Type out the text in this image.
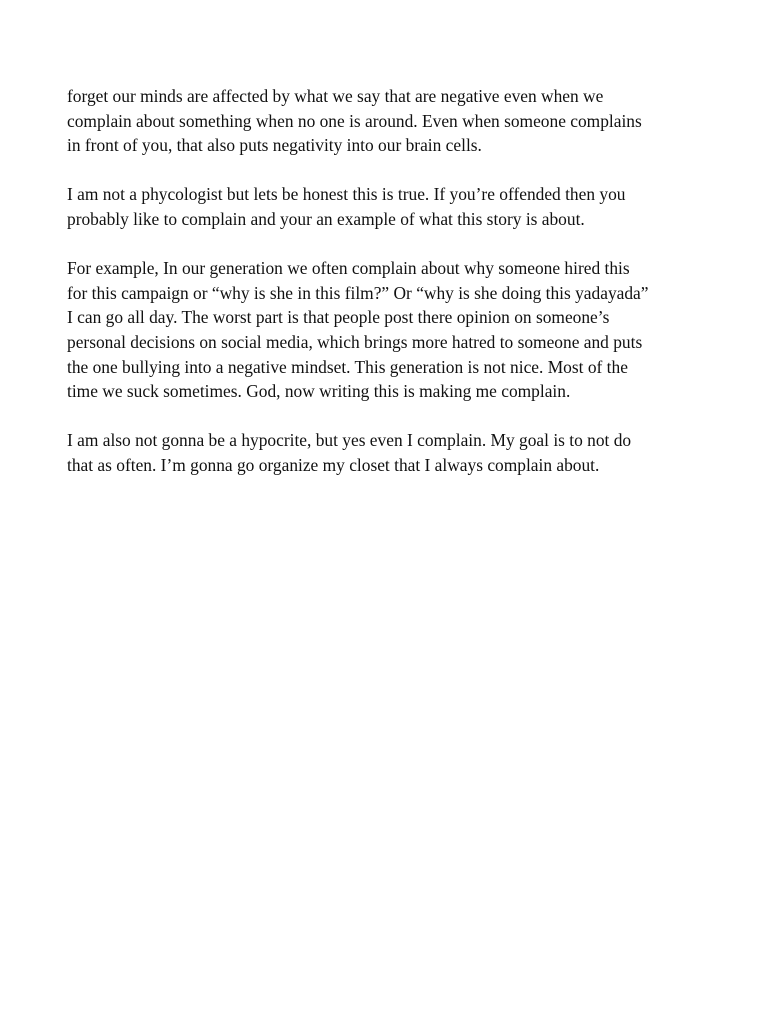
forget our minds are affected by what we say that are negative even when we
complain about something when no one is around. Even when someone complains
in front of you, that also puts negativity into our brain cells.

I am not a phycologist but lets be honest this is true. If you’re offended then you
probably like to complain and your an example of what this story is about.

For example, In our generation we often complain about why someone hired this
for this campaign or “why is she in this film?” Or “why is she doing this yadayada”
I can go all day. The worst part is that people post there opinion on someone’s
personal decisions on social media, which brings more hatred to someone and puts
the one bullying into a negative mindset. This generation is not nice. Most of the
time we suck sometimes. God, now writing this is making me complain.

I am also not gonna be a hypocrite, but yes even I complain. My goal is to not do
that as often. I’m gonna go organize my closet that I always complain about.
